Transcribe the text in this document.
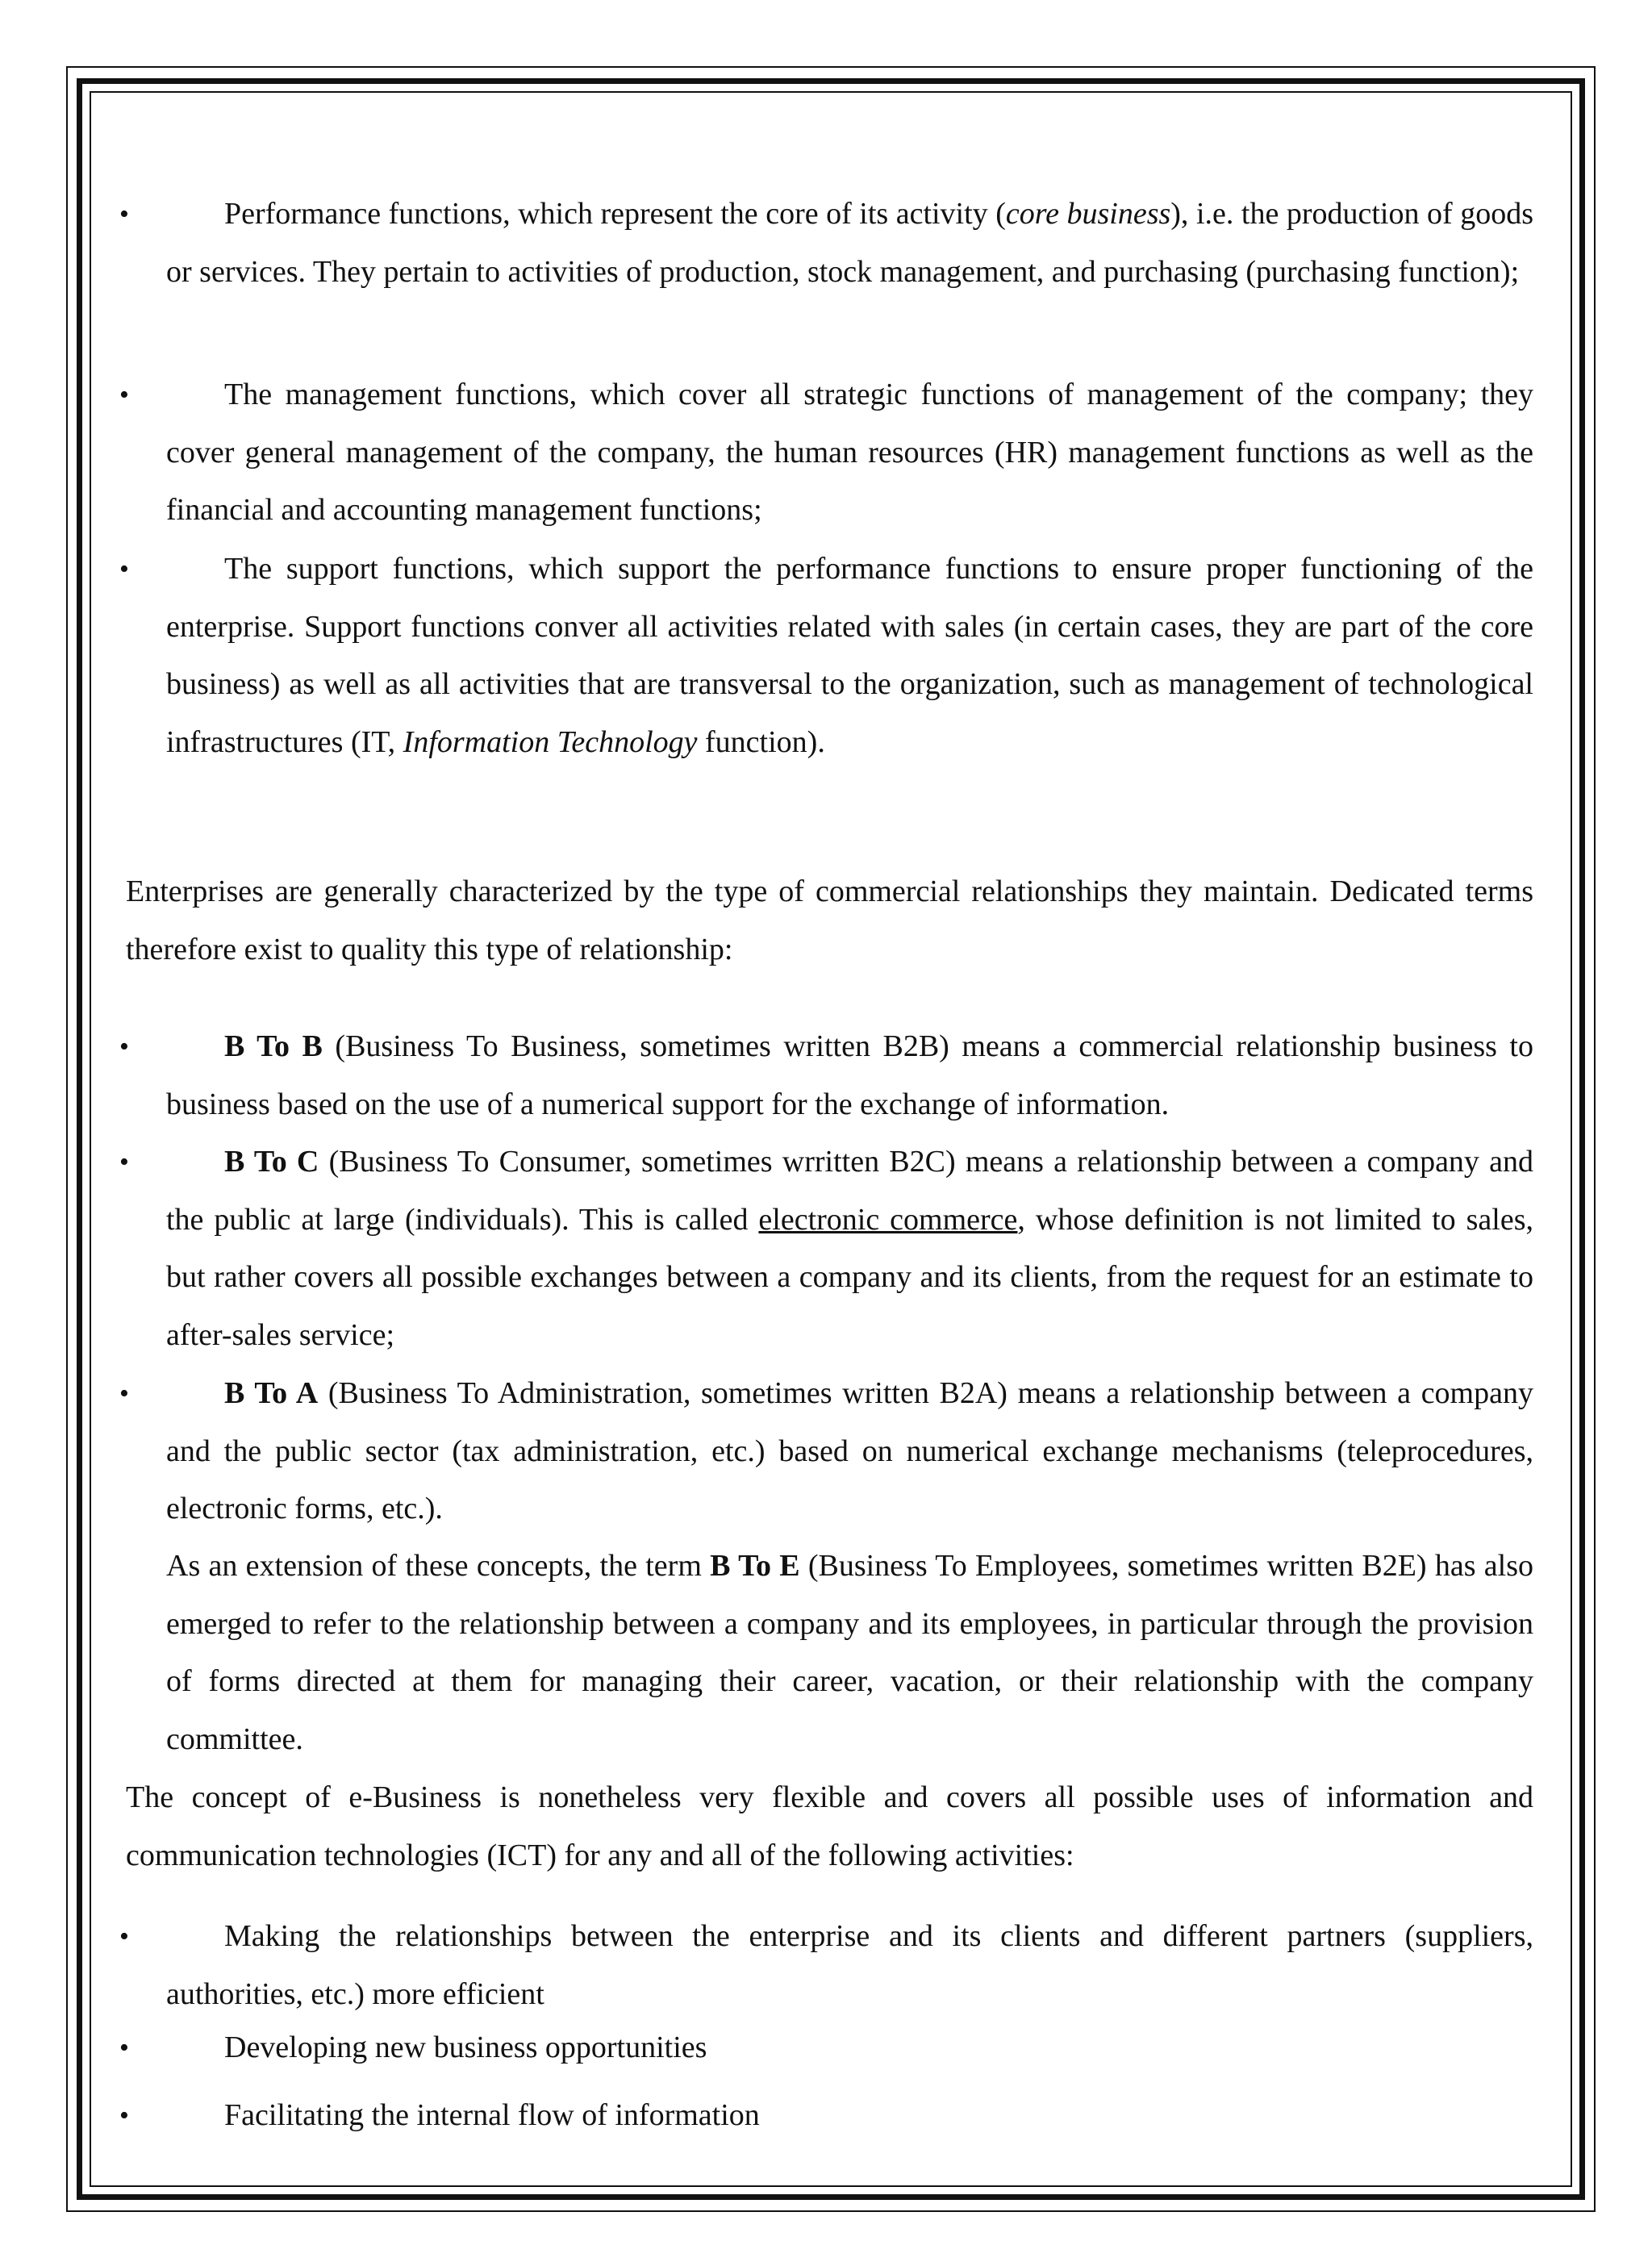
•	Performance functions, which represent the core of its activity (core business), i.e. the production of goods or services. They pertain to activities of production, stock management, and purchasing (purchasing function);

•	The management functions, which cover all strategic functions of management of the company; they cover general management of the company, the human resources (HR) management functions as well as the financial and accounting management functions;

•	The support functions, which support the performance functions to ensure proper functioning of the enterprise. Support functions conver all activities related with sales (in certain cases, they are part of the core business) as well as all activities that are transversal to the organization, such as management of technological infrastructures (IT, Information Technology function).

Enterprises are generally characterized by the type of commercial relationships they maintain. Dedicated terms therefore exist to quality this type of relationship:

•	B To B (Business To Business, sometimes written B2B) means a commercial relationship business to business based on the use of a numerical support for the exchange of information.

•	B To C (Business To Consumer, sometimes wrritten B2C) means a relationship between a company and the public at large (individuals). This is called electronic commerce, whose definition is not limited to sales, but rather covers all possible exchanges between a company and its clients, from the request for an estimate to after-sales service;

•	B To A (Business To Administration, sometimes written B2A) means a relationship between a company and the public sector (tax administration, etc.) based on numerical exchange mechanisms (teleprocedures, electronic forms, etc.).

As an extension of these concepts, the term B To E (Business To Employees, sometimes written B2E) has also emerged to refer to the relationship between a company and its employees, in particular through the provision of forms directed at them for managing their career, vacation, or their relationship with the company committee.

The concept of e-Business is nonetheless very flexible and covers all possible uses of information and communication technologies (ICT) for any and all of the following activities:

•	Making the relationships between the enterprise and its clients and different partners (suppliers, authorities, etc.) more efficient

•	Developing new business opportunities

•	Facilitating the internal flow of information
